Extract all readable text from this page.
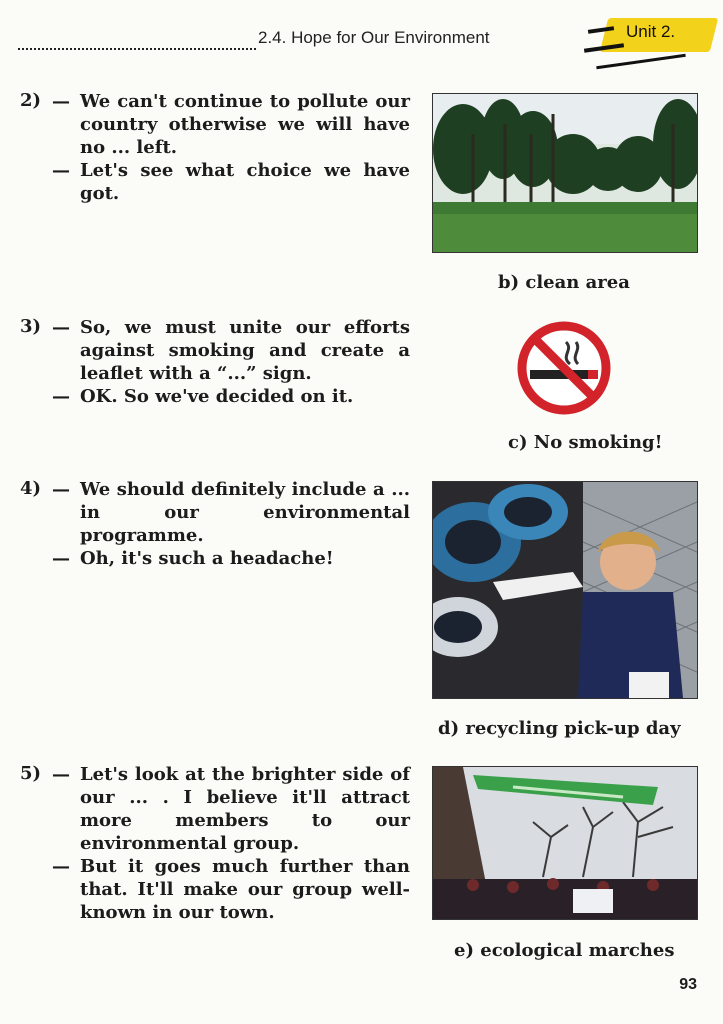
2.4. Hope for Our Environment	Unit 2.
2) — We can't continue to pollute our country otherwise we will have no ... left.
— Let's see what choice we have got.
b) clean area
3) — So, we must unite our efforts against smoking and create a leaflet with a “...” sign.
— OK. So we've decided on it.
c) No smoking!
4) — We should definitely include a ... in our environmental programme.
— Oh, it's such a headache!
d) recycling pick-up day
5) — Let's look at the brighter side of our ... . I believe it'll attract more members to our environmental group.
— But it goes much further than that. It'll make our group well-known in our town.
e) ecological marches
93
